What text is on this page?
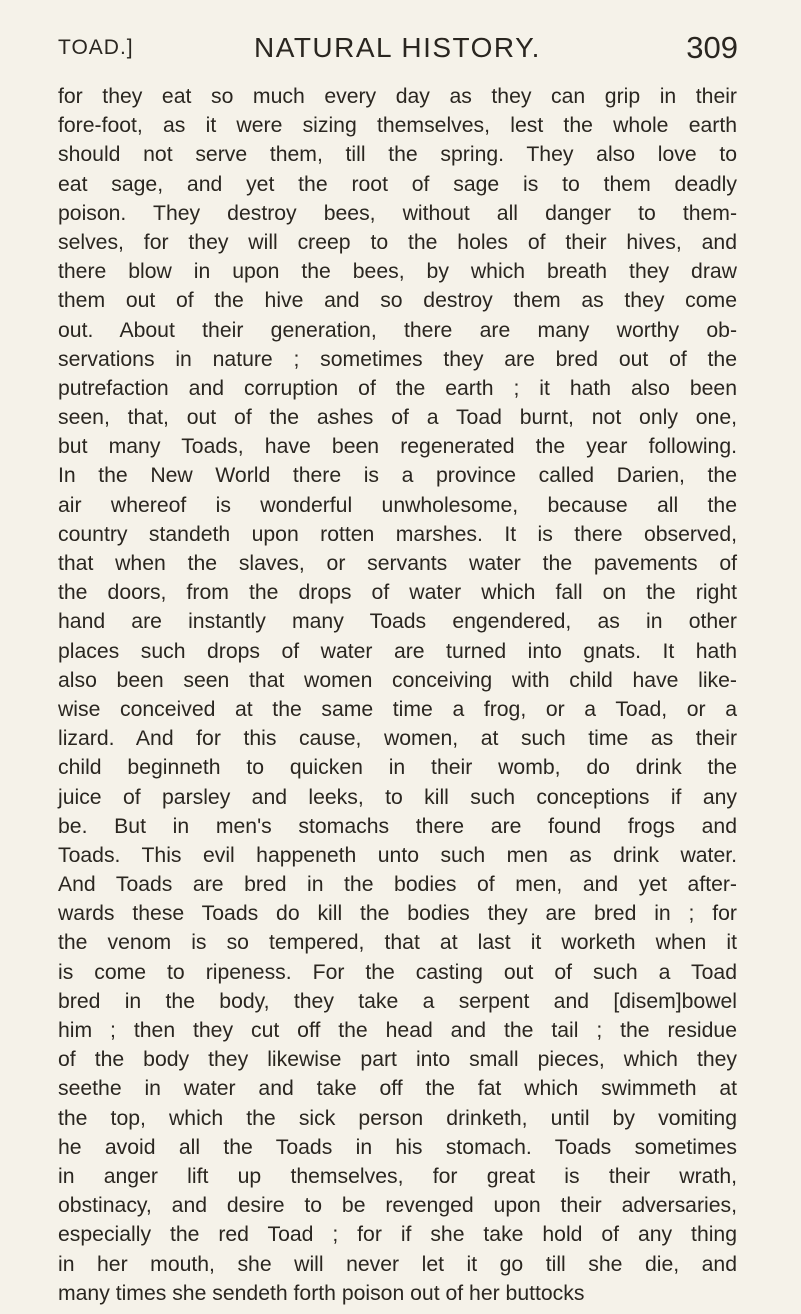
TOAD.]	NATURAL HISTORY.	309
for they eat so much every day as they can grip in their
fore-foot, as it were sizing themselves, lest the whole earth
should not serve them, till the spring. They also love to
eat sage, and yet the root of sage is to them deadly
poison. They destroy bees, without all danger to them-
selves, for they will creep to the holes of their hives, and
there blow in upon the bees, by which breath they draw
them out of the hive and so destroy them as they come
out. About their generation, there are many worthy ob-
servations in nature ; sometimes they are bred out of the
putrefaction and corruption of the earth ; it hath also been
seen, that, out of the ashes of a Toad burnt, not only one,
but many Toads, have been regenerated the year following.
In the New World there is a province called Darien, the
air whereof is wonderful unwholesome, because all the
country standeth upon rotten marshes. It is there observed,
that when the slaves, or servants water the pavements of
the doors, from the drops of water which fall on the right
hand are instantly many Toads engendered, as in other
places such drops of water are turned into gnats. It hath
also been seen that women conceiving with child have like-
wise conceived at the same time a frog, or a Toad, or a
lizard. And for this cause, women, at such time as their
child beginneth to quicken in their womb, do drink the
juice of parsley and leeks, to kill such conceptions if any
be. But in men's stomachs there are found frogs and
Toads. This evil happeneth unto such men as drink water.
And Toads are bred in the bodies of men, and yet after-
wards these Toads do kill the bodies they are bred in ; for
the venom is so tempered, that at last it worketh when it
is come to ripeness. For the casting out of such a Toad
bred in the body, they take a serpent and [disem]bowel
him ; then they cut off the head and the tail ; the residue
of the body they likewise part into small pieces, which they
seethe in water and take off the fat which swimmeth at
the top, which the sick person drinketh, until by vomiting
he avoid all the Toads in his stomach. Toads sometimes
in anger lift up themselves, for great is their wrath,
obstinacy, and desire to be revenged upon their adversaries,
especially the red Toad ; for if she take hold of any thing
in her mouth, she will never let it go till she die, and
many times she sendeth forth poison out of her buttocks
